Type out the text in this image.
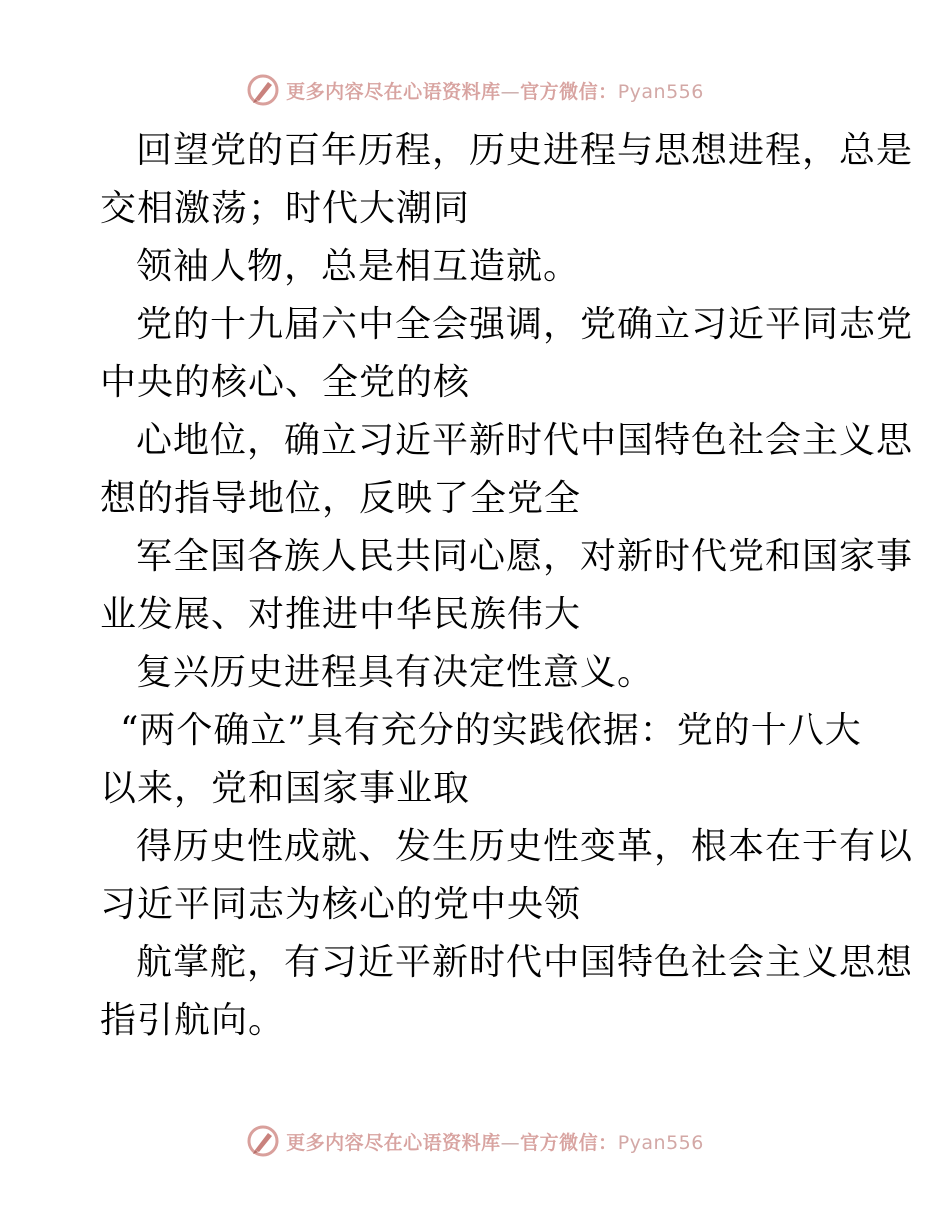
更多内容尽在心语资料库—官方微信：Pyan556
回望党的百年历程，历史进程与思想进程，总是
交相激荡；时代大潮同
领袖人物，总是相互造就。
党的十九届六中全会强调，党确立习近平同志党
中央的核心、全党的核
心地位，确立习近平新时代中国特色社会主义思
想的指导地位，反映了全党全
军全国各族人民共同心愿，对新时代党和国家事
业发展、对推进中华民族伟大
复兴历史进程具有决定性意义。
“两个确立”具有充分的实践依据：党的十八大
以来，党和国家事业取
得历史性成就、发生历史性变革，根本在于有以
习近平同志为核心的党中央领
航掌舵，有习近平新时代中国特色社会主义思想
指引航向。
更多内容尽在心语资料库—官方微信：Pyan556
